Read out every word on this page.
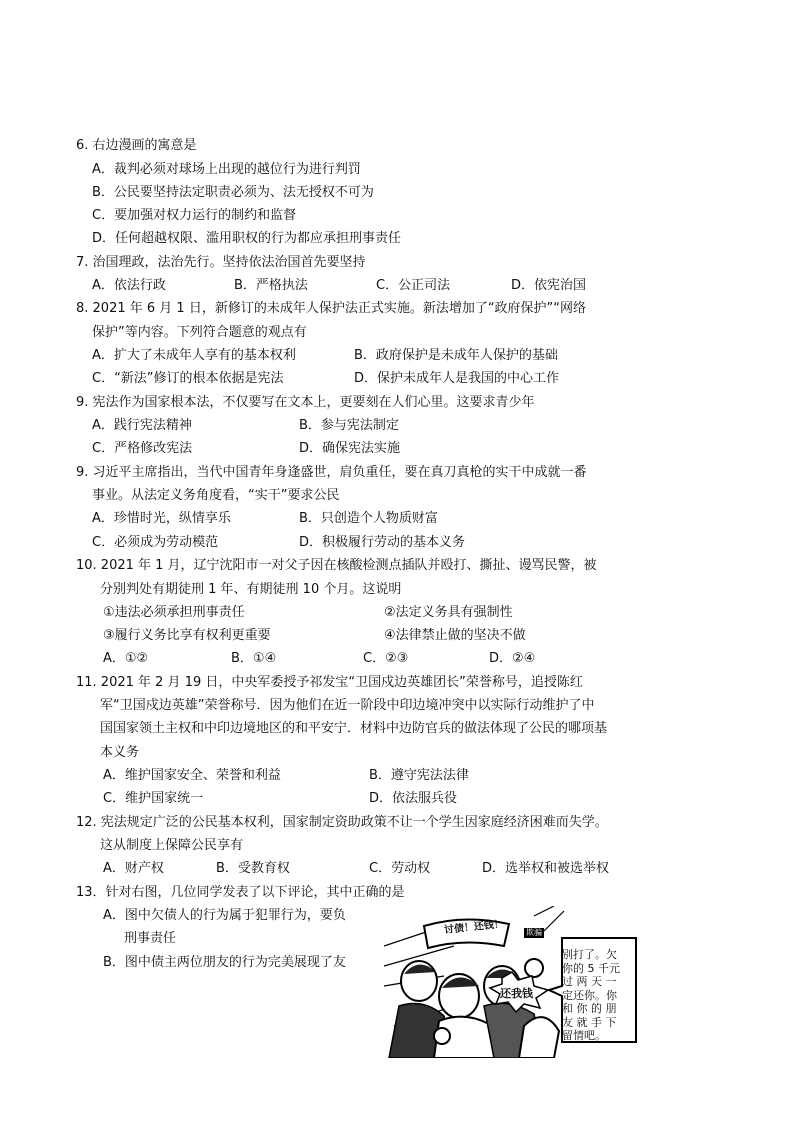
6. 右边漫画的寓意是
A．裁判必须对球场上出现的越位行为进行判罚
B．公民要坚持法定职责必须为、法无授权不可为
C．要加强对权力运行的制约和监督
D．任何超越权限、滥用职权的行为都应承担刑事责任
7. 治国理政，法治先行。坚持依法治国首先要坚持
A．依法行政	B．严格执法	C．公正司法	D．依宪治国
8. 2021 年 6 月 1 日，新修订的未成年人保护法正式实施。新法增加了“政府保护”“网络
保护”等内容。下列符合题意的观点有
A．扩大了未成年人享有的基本权利	B．政府保护是未成年人保护的基础
C．“新法”修订的根本依据是宪法	D．保护未成年人是我国的中心工作
9. 宪法作为国家根本法，不仅要写在文本上，更要刻在人们心里。这要求青少年
A．践行宪法精神	B．参与宪法制定
C．严格修改宪法	D．确保宪法实施
9. 习近平主席指出，当代中国青年身逢盛世，肩负重任，要在真刀真枪的实干中成就一番
事业。从法定义务角度看，“实干”要求公民
A．珍惜时光，纵情享乐	B．只创造个人物质财富
C．必须成为劳动模范	D．积极履行劳动的基本义务
10. 2021 年 1 月，辽宁沈阳市一对父子因在核酸检测点插队并殴打、撕扯、谩骂民警，被
分别判处有期徒刑 1 年、有期徒刑 10 个月。这说明
①违法必须承担刑事责任	②法定义务具有强制性
③履行义务比享有权利更重要	④法律禁止做的坚决不做
A．①②	B．①④	C．②③	D．②④
11. 2021 年 2 月 19 日，中央军委授予祁发宝“卫国戍边英雄团长”荣誉称号，追授陈红
军“卫国戍边英雄”荣誉称号．因为他们在近一阶段中印边境冲突中以实际行动维护了中
国国家领土主权和中印边境地区的和平安宁．材料中边防官兵的做法体现了公民的哪项基
本义务
A．维护国家安全、荣誉和利益	B．遵守宪法法律
C．维护国家统一	D．依法服兵役
12. 宪法规定广泛的公民基本权利，国家制定资助政策不让一个学生因家庭经济困难而失学。
这从制度上保障公民享有
A．财产权	B．受教育权	C．劳动权	D．选举权和被选举权
13．针对右图，几位同学发表了以下评论，其中正确的是
A．图中欠债人的行为属于犯罪行为，要负
刑事责任
B．图中债主两位朋友的行为完美展现了友
讨债！还钱！
还我钱
欺骗
别打了。欠
你的 5 千元
过 两 天 一
定还你。你
和 你 的 朋
友 就 手 下
留情吧。
